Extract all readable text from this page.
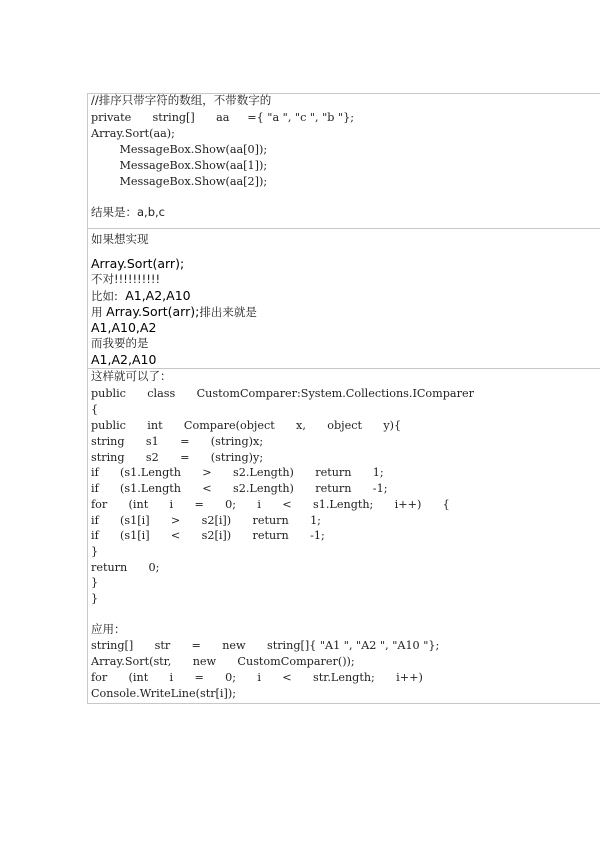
//排序只带字符的数组，不带数字的

private      string[]      aa     ={ "a ", "c ", "b "};

Array.Sort(aa);

MessageBox.Show(aa[0]);

MessageBox.Show(aa[1]);

MessageBox.Show(aa[2]);

结果是：a,b,c

如果想实现

Array.Sort(arr);

不对!!!!!!!!!!

比如:  A1,A2,A10

用 Array.Sort(arr);排出来就是

A1,A10,A2

而我要的是

A1,A2,A10

这样就可以了：

public      class      CustomComparer:System.Collections.IComparer

{

public      int      Compare(object      x,      object      y){

string      s1      =      (string)x;

string      s2      =      (string)y;

if      (s1.Length      >      s2.Length)      return      1;

if      (s1.Length      <      s2.Length)      return      -1;

for      (int      i      =      0;      i      <      s1.Length;      i++)      {

if      (s1[i]      >      s2[i])      return      1;

if      (s1[i]      <      s2[i])      return      -1;

}

return      0;

}

}

应用：

string[]      str      =      new      string[]{ "A1 ", "A2 ", "A10 "};

Array.Sort(str,      new      CustomComparer());

for      (int      i      =      0;      i      <      str.Length;      i++)

Console.WriteLine(str[i]);
